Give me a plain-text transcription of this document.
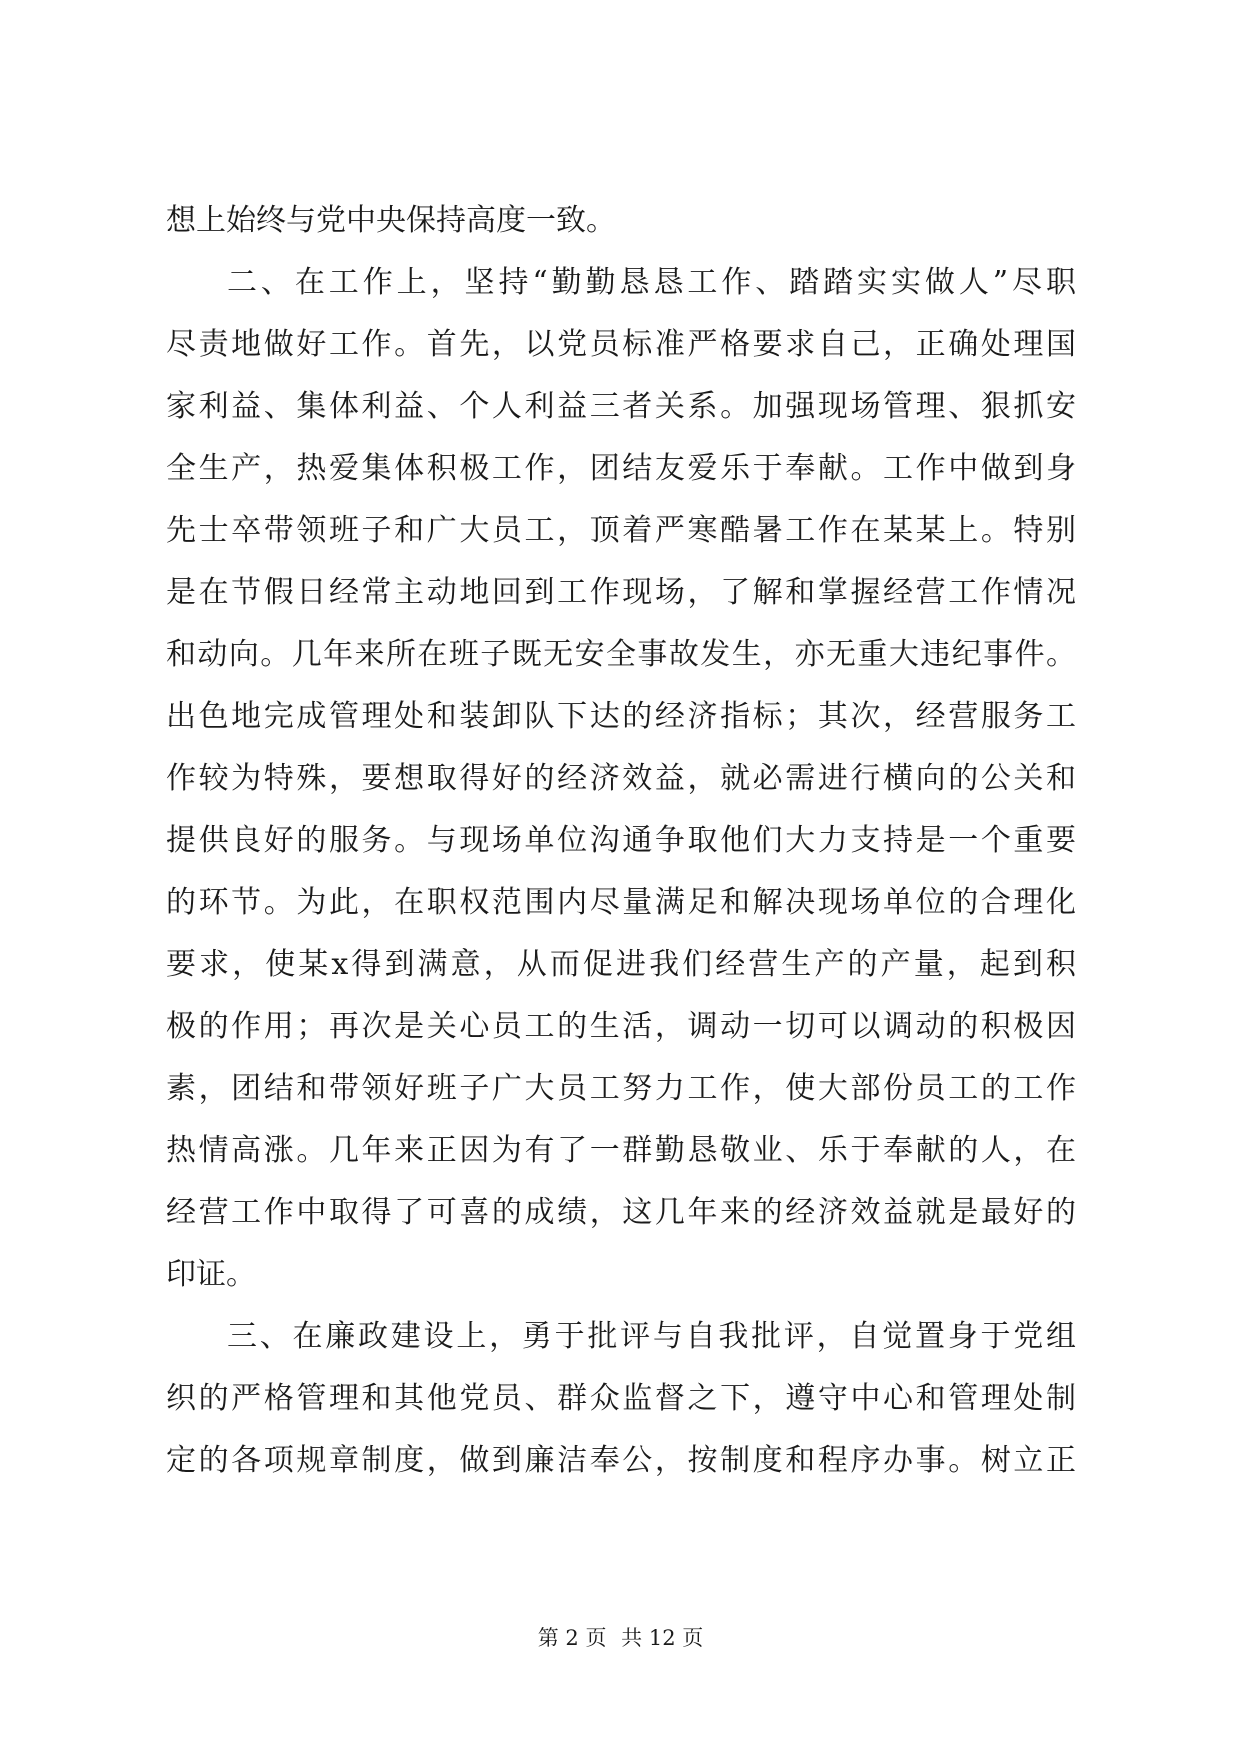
想上始终与党中央保持高度一致。
二、在工作上，坚持“勤勤恳恳工作、踏踏实实做人”尽职
尽责地做好工作。首先，以党员标准严格要求自己，正确处理国
家利益、集体利益、个人利益三者关系。加强现场管理、狠抓安
全生产，热爱集体积极工作，团结友爱乐于奉献。工作中做到身
先士卒带领班子和广大员工，顶着严寒酷暑工作在某某上。特别
是在节假日经常主动地回到工作现场，了解和掌握经营工作情况
和动向。几年来所在班子既无安全事故发生，亦无重大违纪事件。
出色地完成管理处和装卸队下达的经济指标；其次，经营服务工
作较为特殊，要想取得好的经济效益，就必需进行横向的公关和
提供良好的服务。与现场单位沟通争取他们大力支持是一个重要
的环节。为此，在职权范围内尽量满足和解决现场单位的合理化
要求，使某x得到满意，从而促进我们经营生产的产量，起到积
极的作用；再次是关心员工的生活，调动一切可以调动的积极因
素，团结和带领好班子广大员工努力工作，使大部份员工的工作
热情高涨。几年来正因为有了一群勤恳敬业、乐于奉献的人，在
经营工作中取得了可喜的成绩，这几年来的经济效益就是最好的
印证。
三、在廉政建设上，勇于批评与自我批评，自觉置身于党组
织的严格管理和其他党员、群众监督之下，遵守中心和管理处制
定的各项规章制度，做到廉洁奉公，按制度和程序办事。树立正
第 2 页 共 12 页
